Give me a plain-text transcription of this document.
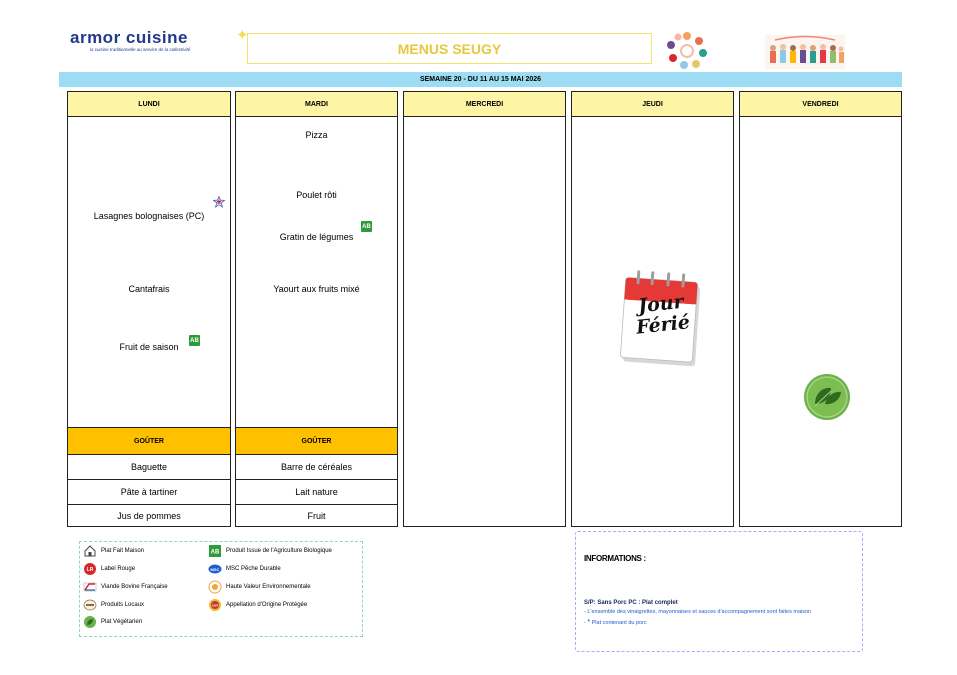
armor cuisine
la cuisine traditionnelle au service de la collectivité
✦
MENUS SEUGY
SEMAINE 20 - DU 11 AU 15 MAI 2026
LUNDI
Lasagnes bolognaises (PC)
Cantafrais
Fruit de saison
AB
GOÛTER
Baguette
Pâte à tartiner
Jus de pommes
MARDI
Pizza
Poulet rôti
AB
Gratin de légumes
Yaourt aux fruits mixé
GOÛTER
Barre de céréales
Lait nature
Fruit
MERCREDI	JEUDI
Jour
Férié
VENDREDI
Plat Fait Maison
LR Label Rouge
Viande Bovine Française
Produits Locaux
Plat Végétarien
AB Produit Issue de l'Agriculture Biologique
MSC MSC Pêche Durable
Haute Valeur Environnementale
AOP Appellation d'Origine Protégée
INFORMATIONS :
S/P: Sans Porc PC : Plat complet
- L'ensemble des vinaigrettes, mayonnaises et sauces d'accompagnement sont faites maison
- * Plat contenant du porc
